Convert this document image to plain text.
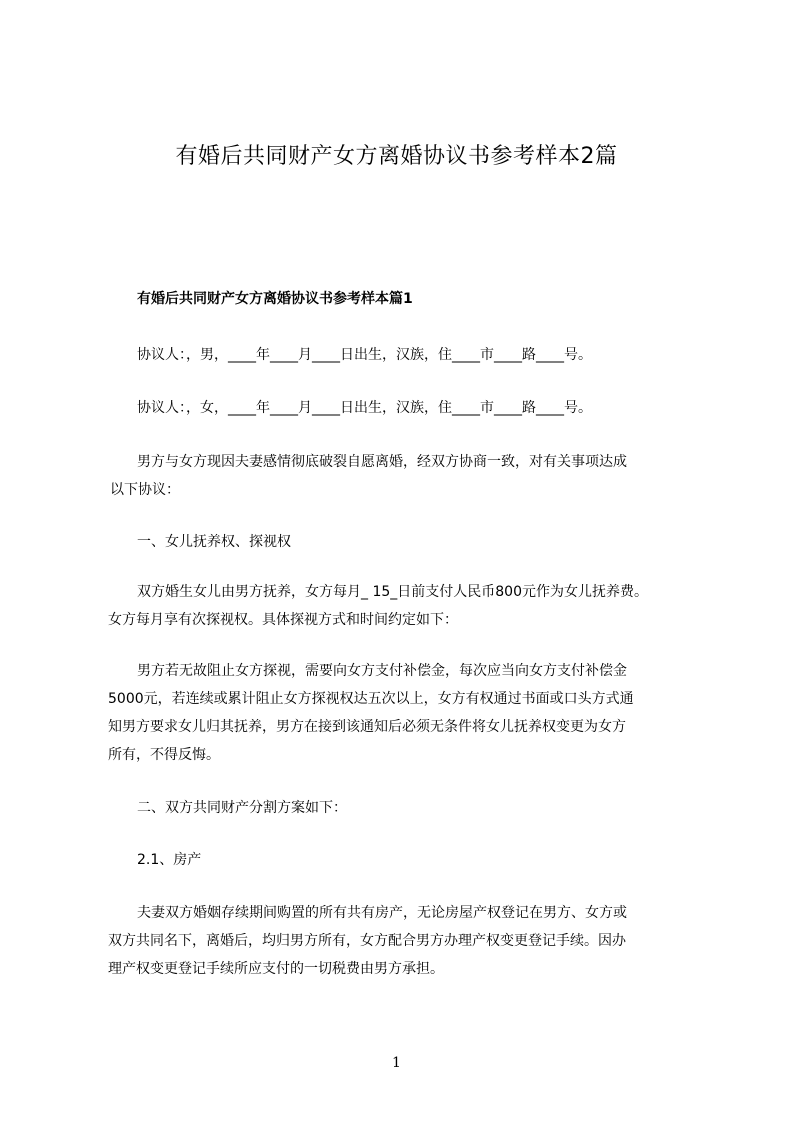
有婚后共同财产女方离婚协议书参考样本2篇
有婚后共同财产女方离婚协议书参考样本篇1
协议人：，男，____年____月____日出生，汉族，住____市____路____号。
协议人：，女，____年____月____日出生，汉族，住____市____路____号。
男方与女方现因夫妻感情彻底破裂自愿离婚，经双方协商一致，对有关事项达成
以下协议：
一、女儿抚养权、探视权
双方婚生女儿由男方抚养，女方每月_ 15_日前支付人民币800元作为女儿抚养费。
女方每月享有次探视权。具体探视方式和时间约定如下：
男方若无故阻止女方探视，需要向女方支付补偿金，每次应当向女方支付补偿金
5000元，若连续或累计阻止女方探视权达五次以上，女方有权通过书面或口头方式通
知男方要求女儿归其抚养，男方在接到该通知后必须无条件将女儿抚养权变更为女方
所有，不得反悔。
二、双方共同财产分割方案如下：
2.1、房产
夫妻双方婚姻存续期间购置的所有共有房产，无论房屋产权登记在男方、女方或
双方共同名下，离婚后，均归男方所有，女方配合男方办理产权变更登记手续。因办
理产权变更登记手续所应支付的一切税费由男方承担。
1
